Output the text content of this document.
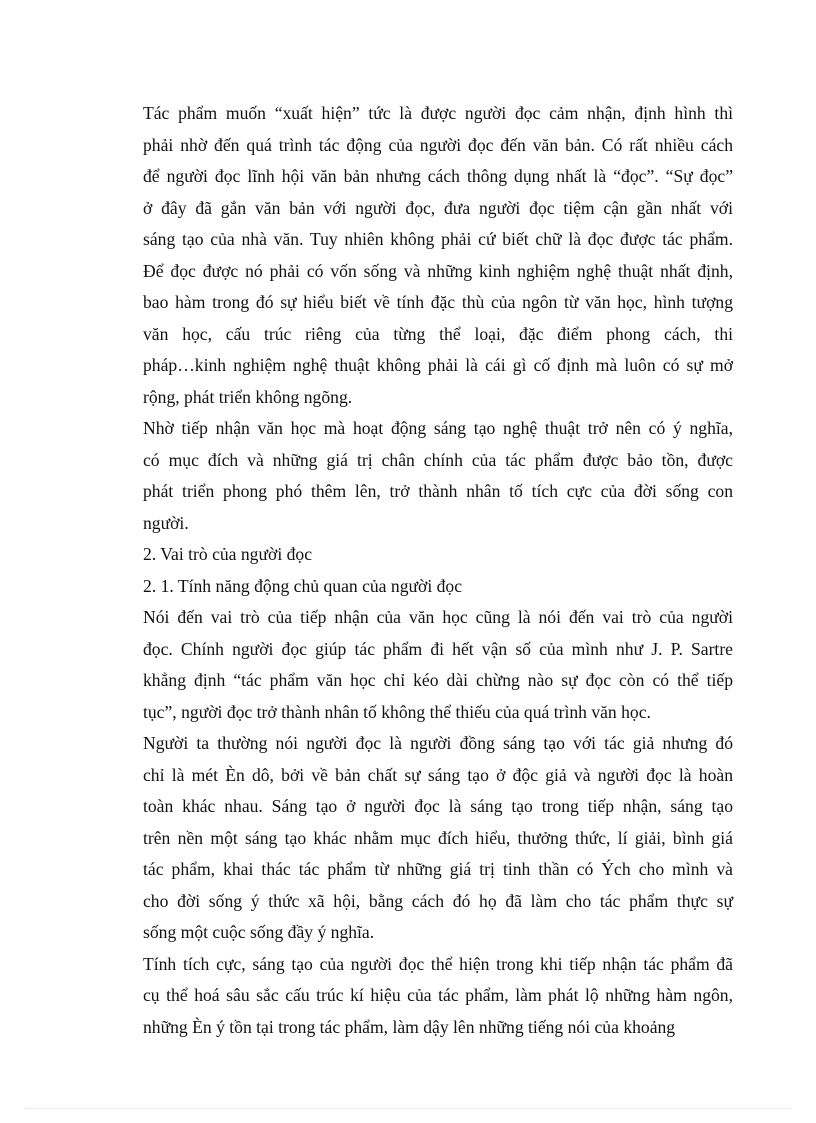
Tác phẩm muốn “xuất hiện” tức là được người đọc cảm nhận, định hình thì
phải nhờ đến quá trình tác động của người đọc đến văn bản. Có rất nhiều cách
để người đọc lĩnh hội văn bản nhưng cách thông dụng nhất là “đọc”. “Sự đọc”
ở đây đã gắn văn bản với người đọc, đưa người đọc tiệm cận gần nhất với
sáng tạo của nhà văn. Tuy nhiên không phải cứ biết chữ là đọc được tác phẩm.
Để đọc được nó phải có vốn sống và những kinh nghiệm nghệ thuật nhất định,
bao hàm trong đó sự hiểu biết về tính đặc thù của ngôn từ văn học, hình tượng
văn học, cấu trúc riêng của từng thể loại, đặc điểm phong cách, thi
pháp…kinh nghiệm nghệ thuật không phải là cái gì cố định mà luôn có sự mở
rộng, phát triển không ngõng.

Nhờ tiếp nhận văn học mà hoạt động sáng tạo nghệ thuật trở nên có ý nghĩa,
có mục đích và những giá trị chân chính của tác phẩm được bảo tồn, được
phát triển phong phó thêm lên, trở thành nhân tố tích cực của đời sống con
người.

2. Vai trò của người đọc

2. 1. Tính năng động chủ quan của người đọc

Nói đến vai trò của tiếp nhận của văn học cũng là nói đến vai trò của người
đọc. Chính người đọc giúp tác phẩm đi hết vận số của mình như J. P. Sartre
khẳng định “tác phẩm văn học chỉ kéo dài chừng nào sự đọc còn có thể tiếp
tục”, người đọc trở thành nhân tố không thể thiếu của quá trình văn học.

Người ta thường nói người đọc là người đồng sáng tạo với tác giả nhưng đó
chỉ là mét Èn dô, bởi về bản chất sự sáng tạo ở độc giả và người đọc là hoàn
toàn khác nhau. Sáng tạo ở người đọc là sáng tạo trong tiếp nhận, sáng tạo
trên nền một sáng tạo khác nhằm mục đích hiểu, thưởng thức, lí giải, bình giá
tác phẩm, khai thác tác phẩm từ những giá trị tinh thần có Ých cho mình và
cho đời sống ý thức xã hội, bằng cách đó họ đã làm cho tác phẩm thực sự
sống một cuộc sống đầy ý nghĩa.

Tính tích cực, sáng tạo của người đọc thể hiện trong khi tiếp nhận tác phẩm đã
cụ thể hoá sâu sắc cấu trúc kí hiệu của tác phẩm, làm phát lộ những hàm ngôn,
những Èn ý tồn tại trong tác phẩm, làm dậy lên những tiếng nói của khoảng
